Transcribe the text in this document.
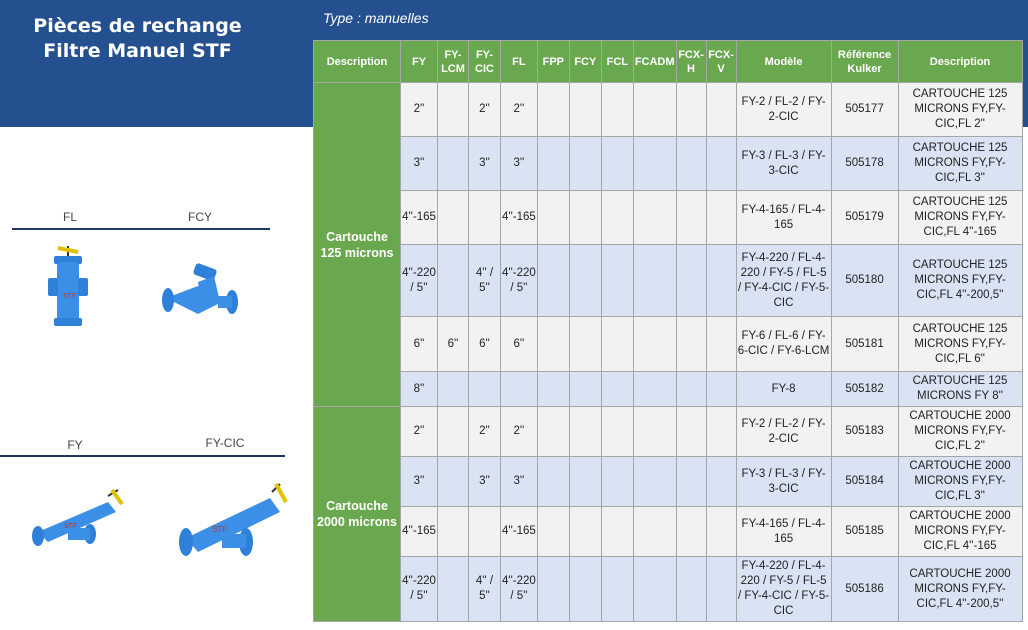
Pièces de rechange
Filtre Manuel STF
Type : manuelles
FL	FCY
STF
FY	FY-CIC
STF	STF
Description	FY	FY-LCM	FY-CIC	FL	FPP	FCY	FCL	FCADM	FCX-H	FCX-V	Modèle	Référence Kulker	Description
Cartouche 125 microns	2''		2''	2''							FY-2 / FL-2 / FY-2-CIC	505177	CARTOUCHE 125 MICRONS FY,FY-CIC,FL 2''
	3''		3''	3''							FY-3 / FL-3 / FY-3-CIC	505178	CARTOUCHE 125 MICRONS FY,FY-CIC,FL 3''
	4''-165			4''-165							FY-4-165 / FL-4-165	505179	CARTOUCHE 125 MICRONS FY,FY-CIC,FL 4''-165
	4''-220 / 5''		4'' / 5''	4''-220 / 5''							FY-4-220 / FL-4-220 / FY-5 / FL-5 / FY-4-CIC / FY-5-CIC	505180	CARTOUCHE 125 MICRONS FY,FY-CIC,FL 4''-200,5''
	6''	6''	6''	6''							FY-6 / FL-6 / FY-6-CIC / FY-6-LCM	505181	CARTOUCHE 125 MICRONS FY,FY-CIC,FL 6''
	8''										FY-8	505182	CARTOUCHE 125 MICRONS FY 8''
Cartouche 2000 microns	2''		2''	2''							FY-2 / FL-2 / FY-2-CIC	505183	CARTOUCHE 2000 MICRONS FY,FY-CIC,FL 2''
	3''		3''	3''							FY-3 / FL-3 / FY-3-CIC	505184	CARTOUCHE 2000 MICRONS FY,FY-CIC,FL 3''
	4''-165			4''-165							FY-4-165 / FL-4-165	505185	CARTOUCHE 2000 MICRONS FY,FY-CIC,FL 4''-165
	4''-220 / 5''		4'' / 5''	4''-220 / 5''							FY-4-220 / FL-4-220 / FY-5 / FL-5 / FY-4-CIC / FY-5-CIC	505186	CARTOUCHE 2000 MICRONS FY,FY-CIC,FL 4''-200,5''
